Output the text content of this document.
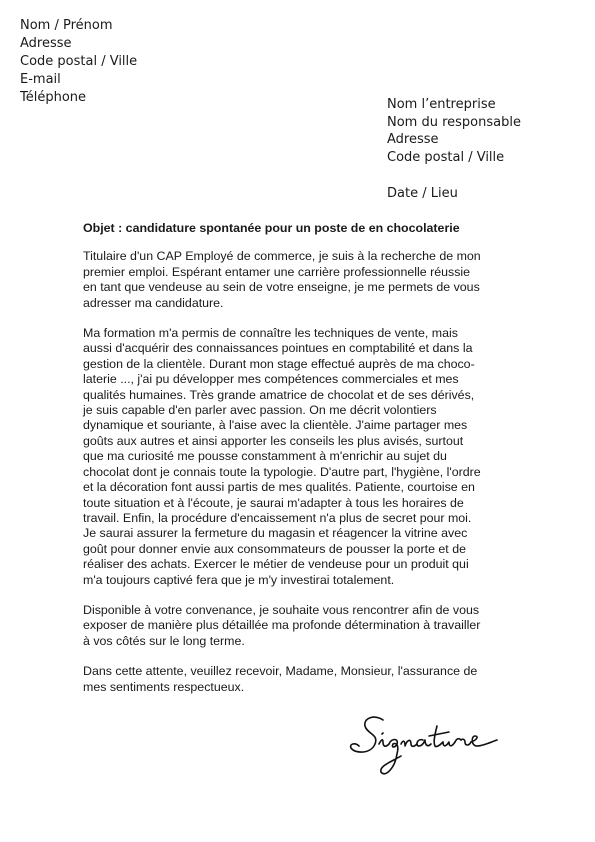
Nom / Prénom
Adresse
Code postal / Ville
E-mail
Téléphone	Nom l’entreprise
Nom du responsable
Adresse
Code postal / Ville
Date / Lieu
Objet : candidature spontanée pour un poste de en chocolaterie
Titulaire d'un CAP Employé de commerce, je suis à la recherche de mon
premier emploi. Espérant entamer une carrière professionnelle réussie
en tant que vendeuse au sein de votre enseigne, je me permets de vous
adresser ma candidature.
Ma formation m'a permis de connaître les techniques de vente, mais
aussi d'acquérir des connaissances pointues en comptabilité et dans la
gestion de la clientèle. Durant mon stage effectué auprès de ma choco-
laterie ..., j'ai pu développer mes compétences commerciales et mes
qualités humaines. Très grande amatrice de chocolat et de ses dérivés,
je suis capable d'en parler avec passion. On me décrit volontiers
dynamique et souriante, à l'aise avec la clientèle. J'aime partager mes
goûts aux autres et ainsi apporter les conseils les plus avisés, surtout
que ma curiosité me pousse constamment à m'enrichir au sujet du
chocolat dont je connais toute la typologie. D'autre part, l'hygiène, l'ordre
et la décoration font aussi partis de mes qualités. Patiente, courtoise en
toute situation et à l'écoute, je saurai m'adapter à tous les horaires de
travail. Enfin, la procédure d'encaissement n'a plus de secret pour moi.
Je saurai assurer la fermeture du magasin et réagencer la vitrine avec
goût pour donner envie aux consommateurs de pousser la porte et de
réaliser des achats. Exercer le métier de vendeuse pour un produit qui
m'a toujours captivé fera que je m'y investirai totalement.
Disponible à votre convenance, je souhaite vous rencontrer afin de vous
exposer de manière plus détaillée ma profonde détermination à travailler
à vos côtés sur le long terme.
Dans cette attente, veuillez recevoir, Madame, Monsieur, l'assurance de
mes sentiments respectueux.
